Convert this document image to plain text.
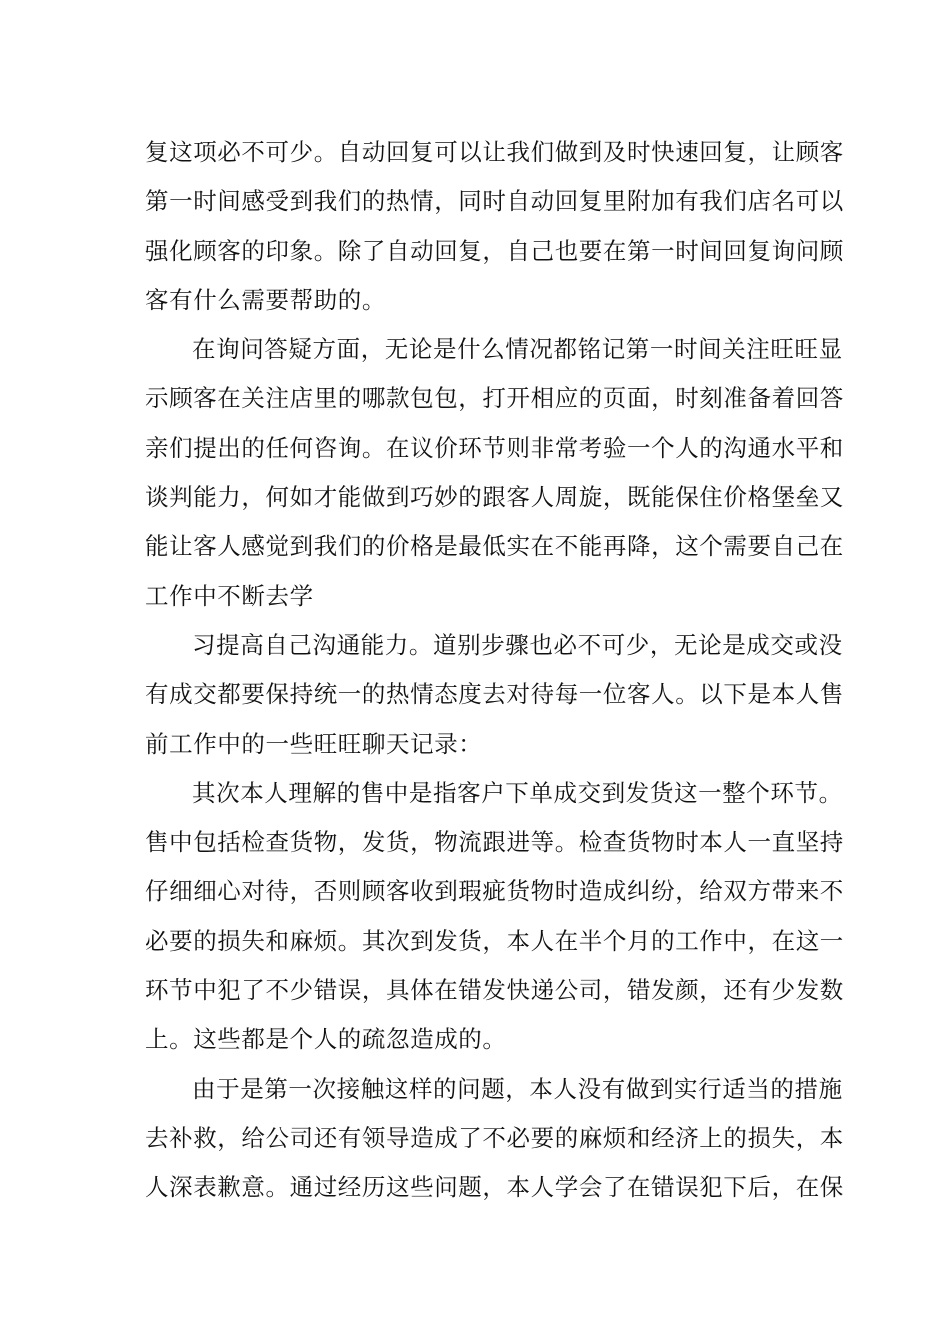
复这项必不可少。自动回复可以让我们做到及时快速回复，让顾客
第一时间感受到我们的热情，同时自动回复里附加有我们店名可以
强化顾客的印象。除了自动回复，自己也要在第一时间回复询问顾
客有什么需要帮助的。
在询问答疑方面，无论是什么情况都铭记第一时间关注旺旺显
示顾客在关注店里的哪款包包，打开相应的页面，时刻准备着回答
亲们提出的任何咨询。在议价环节则非常考验一个人的沟通水平和
谈判能力，何如才能做到巧妙的跟客人周旋，既能保住价格堡垒又
能让客人感觉到我们的价格是最低实在不能再降，这个需要自己在
工作中不断去学
习提高自己沟通能力。道别步骤也必不可少，无论是成交或没
有成交都要保持统一的热情态度去对待每一位客人。以下是本人售
前工作中的一些旺旺聊天记录：
其次本人理解的售中是指客户下单成交到发货这一整个环节。
售中包括检查货物，发货，物流跟进等。检查货物时本人一直坚持
仔细细心对待，否则顾客收到瑕疵货物时造成纠纷，给双方带来不
必要的损失和麻烦。其次到发货，本人在半个月的工作中，在这一
环节中犯了不少错误，具体在错发快递公司，错发颜，还有少发数
上。这些都是个人的疏忽造成的。
由于是第一次接触这样的问题，本人没有做到实行适当的措施
去补救，给公司还有领导造成了不必要的麻烦和经济上的损失，本
人深表歉意。通过经历这些问题，本人学会了在错误犯下后，在保
